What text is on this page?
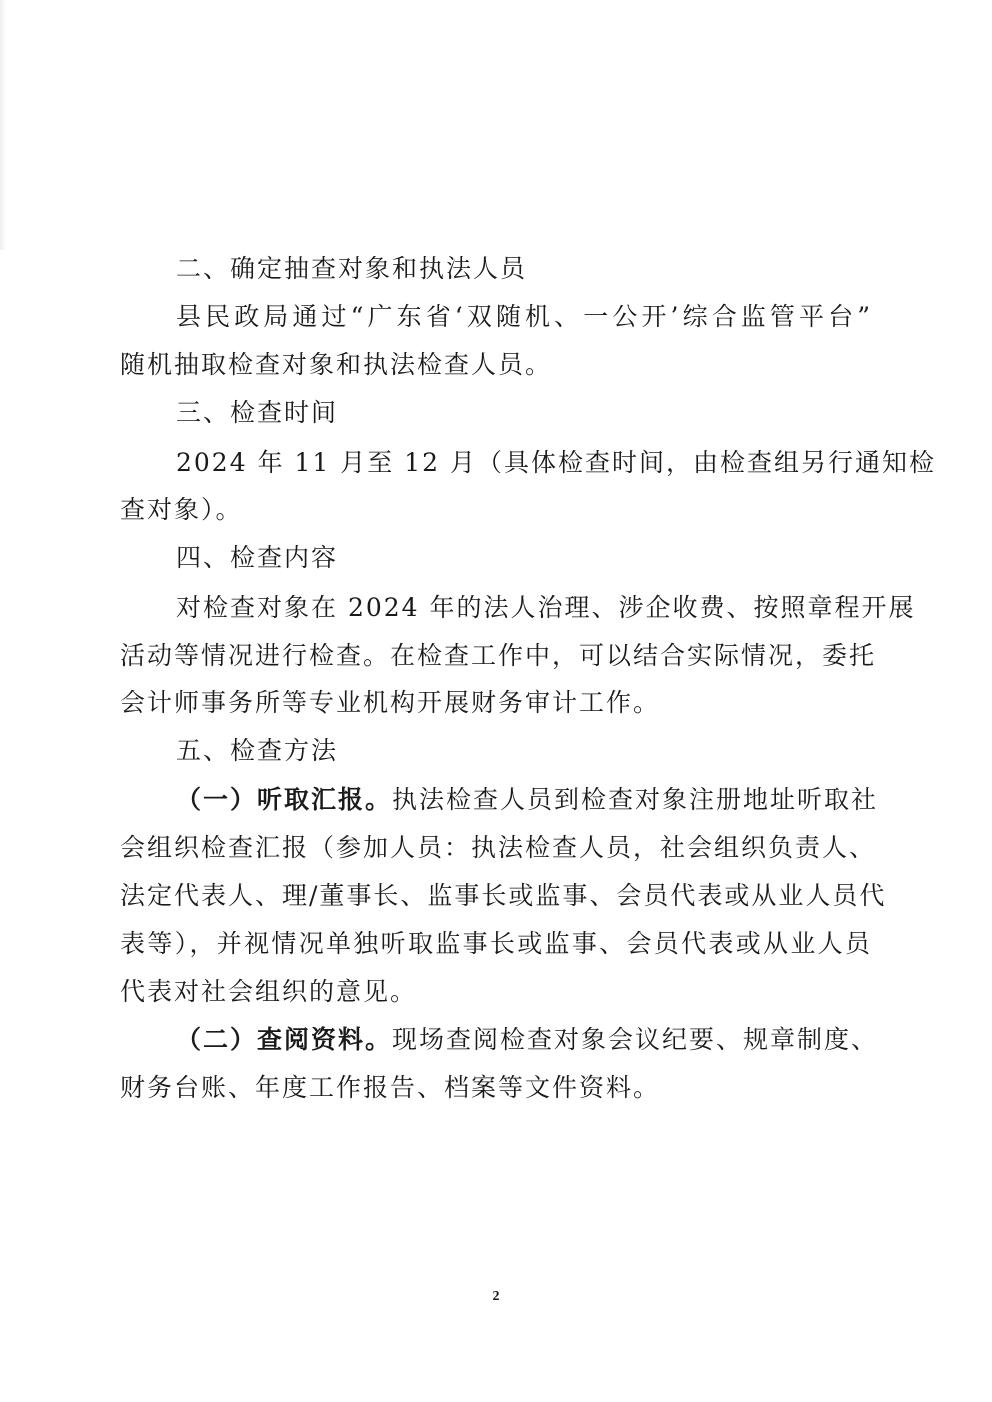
二、确定抽查对象和执法人员
县民政局通过“广东省‘双随机、一公开’综合监管平台”
随机抽取检查对象和执法检查人员。
三、检查时间
2024 年 11 月至 12 月（具体检查时间，由检查组另行通知检
查对象）。
四、检查内容
对检查对象在 2024 年的法人治理、涉企收费、按照章程开展
活动等情况进行检查。在检查工作中，可以结合实际情况，委托
会计师事务所等专业机构开展财务审计工作。
五、检查方法
（一）听取汇报。执法检查人员到检查对象注册地址听取社
会组织检查汇报（参加人员：执法检查人员，社会组织负责人、
法定代表人、理/董事长、监事长或监事、会员代表或从业人员代
表等），并视情况单独听取监事长或监事、会员代表或从业人员
代表对社会组织的意见。
（二）查阅资料。现场查阅检查对象会议纪要、规章制度、
财务台账、年度工作报告、档案等文件资料。
2
